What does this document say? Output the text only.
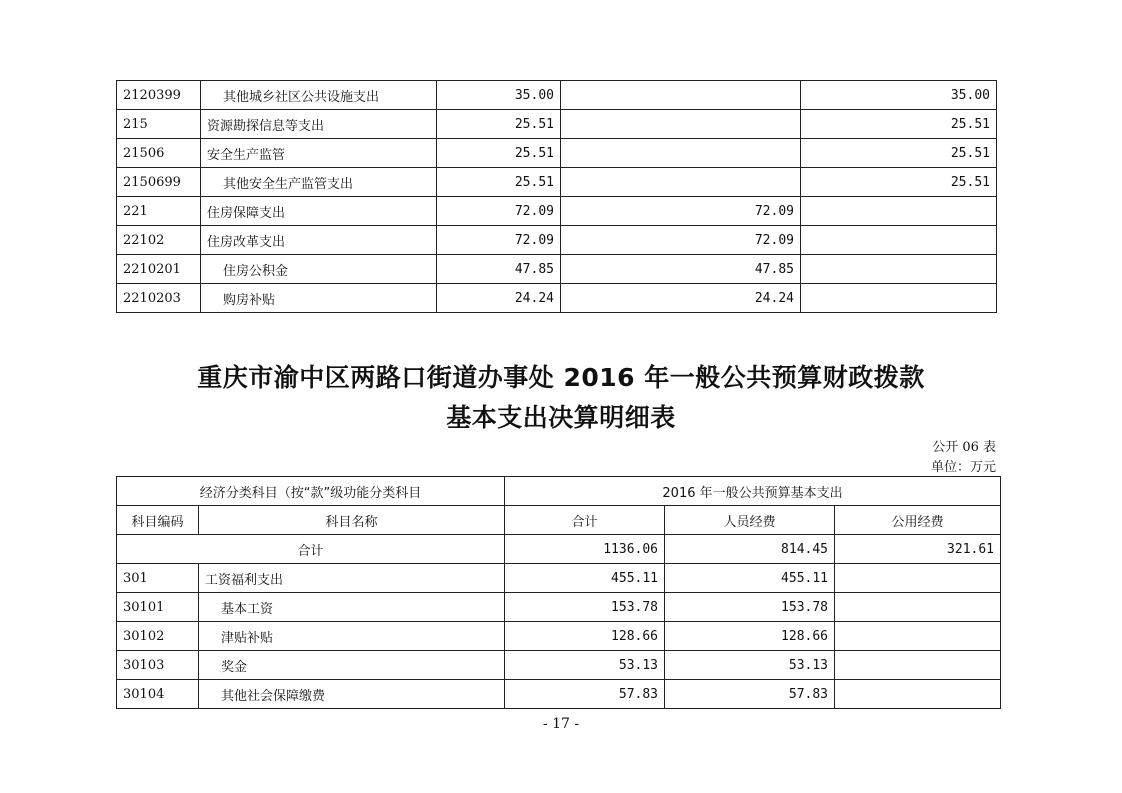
2120399	其他城乡社区公共设施支出	35.00		35.00
215	资源勘探信息等支出	25.51		25.51
21506	安全生产监管	25.51		25.51
2150699	其他安全生产监管支出	25.51		25.51
221	住房保障支出	72.09	72.09	
22102	住房改革支出	72.09	72.09	
2210201	住房公积金	47.85	47.85	
2210203	购房补贴	24.24	24.24	
重庆市渝中区两路口街道办事处 2016 年一般公共预算财政拨款
基本支出决算明细表
公开 06 表
单位：万元
经济分类科目（按“款”级功能分类科目		2016 年一般公共预算基本支出		
科目编码	科目名称	合计	人员经费	公用经费
合计		1136.06	814.45	321.61
301	工资福利支出	455.11	455.11	
30101	基本工资	153.78	153.78	
30102	津贴补贴	128.66	128.66	
30103	奖金	53.13	53.13	
30104	其他社会保障缴费	57.83	57.83	
- 17 -
